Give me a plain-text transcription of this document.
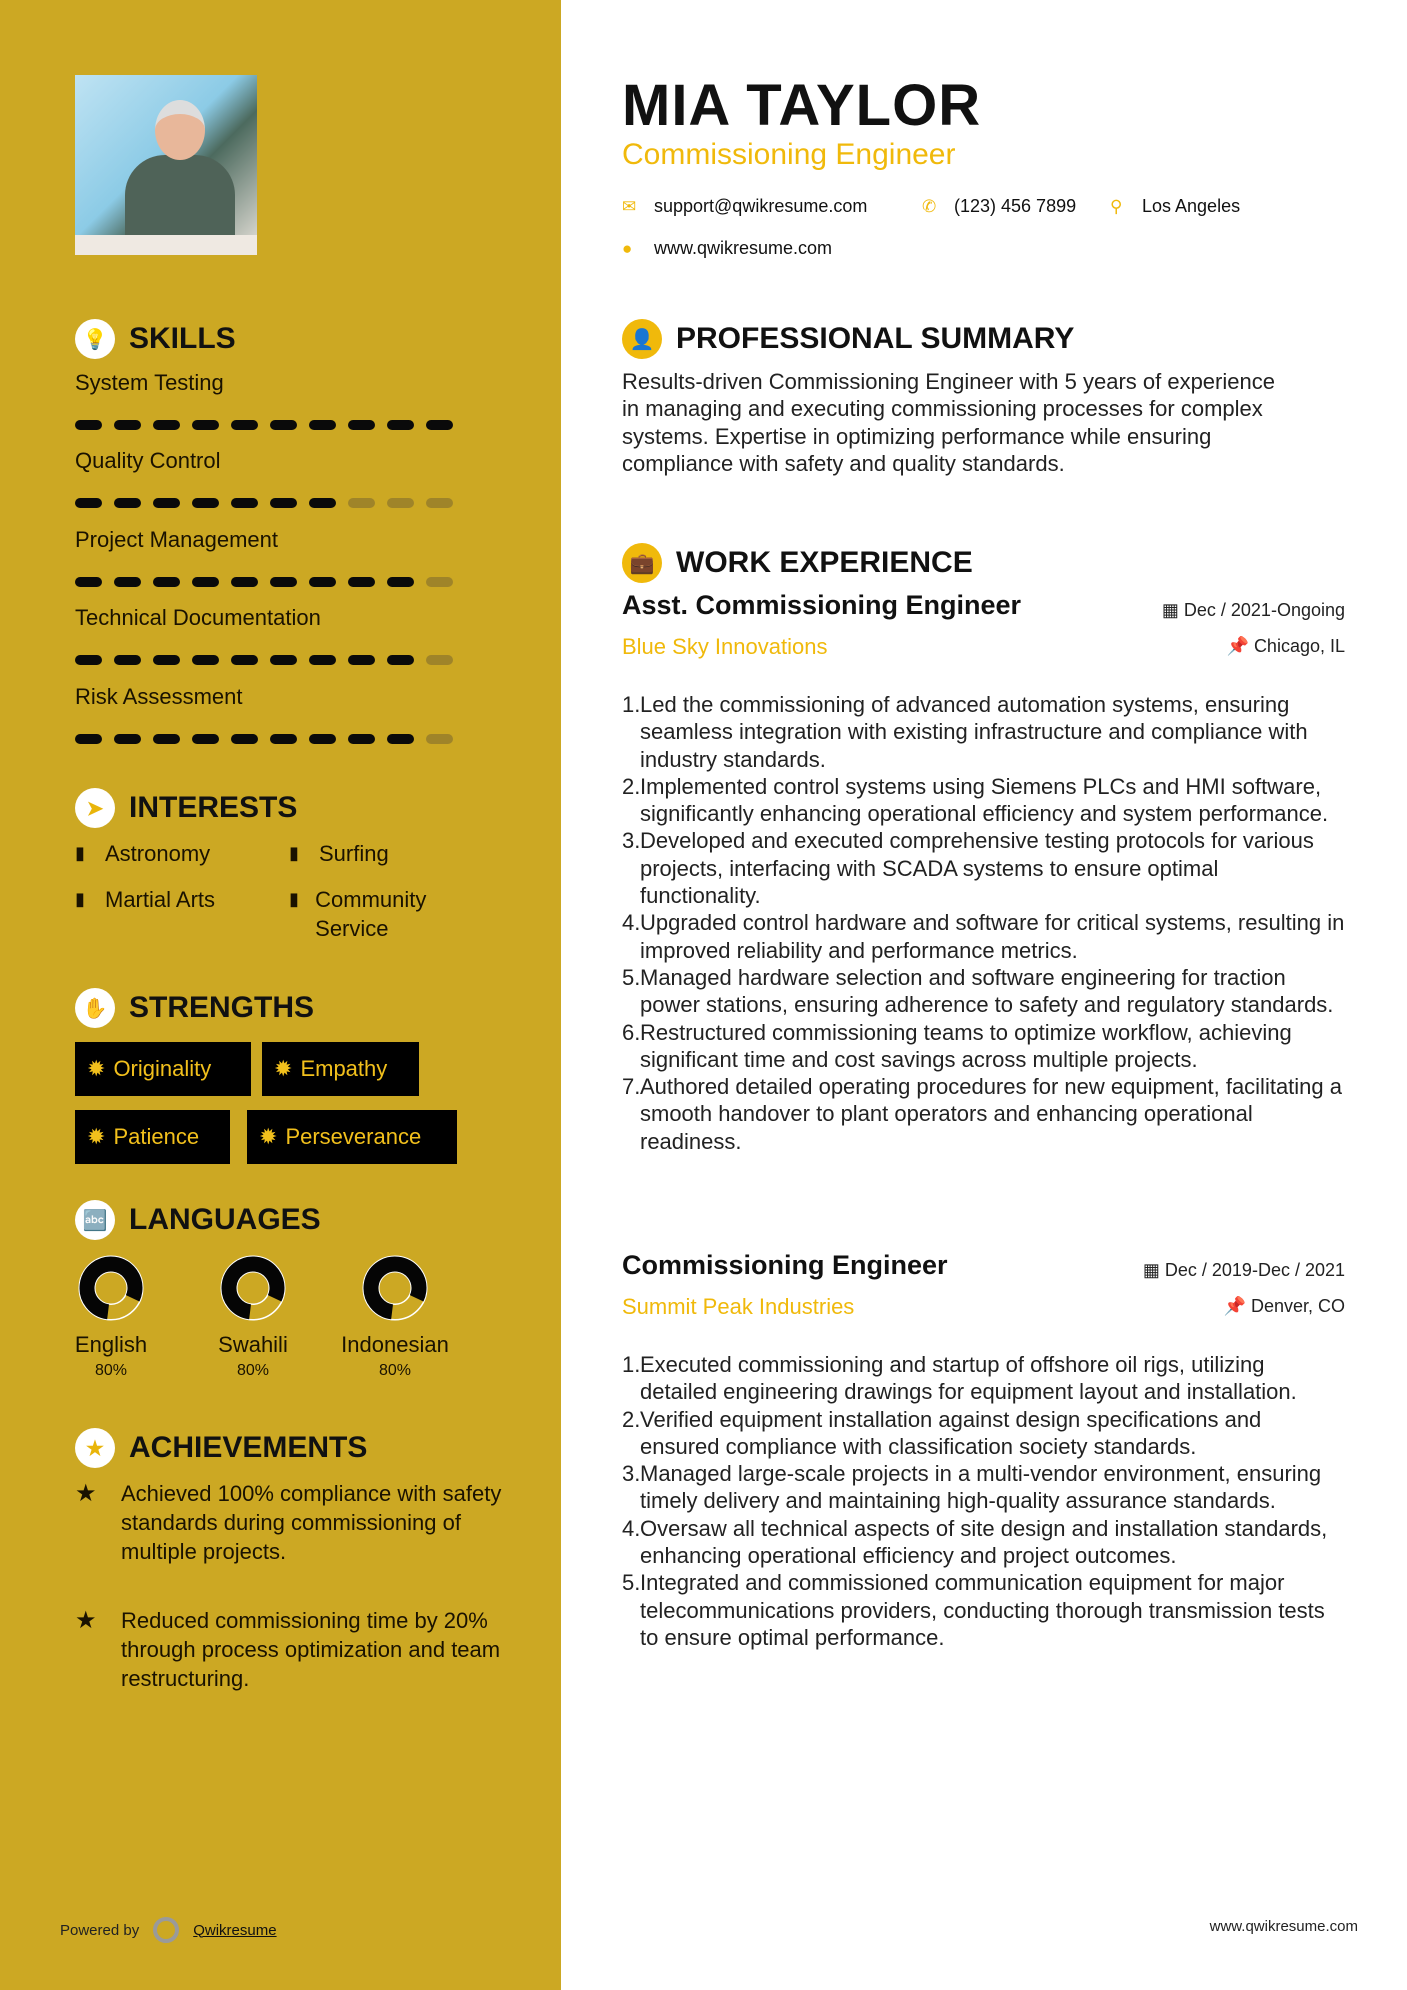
💡 SKILLS
System Testing
Quality Control
Project Management
Technical Documentation
Risk Assessment
➤ INTERESTS
▮ Astronomy	▮ Surfing
▮ Martial Arts	▮ Community Service
✋ STRENGTHS
✹ Originality	✹ Empathy
✹ Patience	✹ Perseverance
🔤 LANGUAGES
English
80%
Swahili
80%
Indonesian
80%
★ ACHIEVEMENTS
★	Achieved 100% compliance with safety standards during commissioning of multiple projects.
★	Reduced commissioning time by 20% through process optimization and team restructuring.
Powered by	Qwikresume
MIA TAYLOR
Commissioning Engineer
✉ support@qwikresume.com	✆ (123) 456 7899 ⚲	Los Angeles
●	www.qwikresume.com
👤 PROFESSIONAL SUMMARY
Results-driven Commissioning Engineer with 5 years of experience in managing and executing commissioning processes for complex systems. Expertise in optimizing performance while ensuring compliance with safety and quality standards.
💼 WORK EXPERIENCE
Asst. Commissioning Engineer	▦ Dec / 2021-Ongoing
Blue Sky Innovations	📌 Chicago, IL
1. Led the commissioning of advanced automation systems, ensuring seamless integration with existing infrastructure and compliance with industry standards.
2. Implemented control systems using Siemens PLCs and HMI software, significantly enhancing operational efficiency and system performance.
3. Developed and executed comprehensive testing protocols for various projects, interfacing with SCADA systems to ensure optimal functionality.
4. Upgraded control hardware and software for critical systems, resulting in improved reliability and performance metrics.
5. Managed hardware selection and software engineering for traction power stations, ensuring adherence to safety and regulatory standards.
6. Restructured commissioning teams to optimize workflow, achieving significant time and cost savings across multiple projects.
7. Authored detailed operating procedures for new equipment, facilitating a smooth handover to plant operators and enhancing operational readiness.
Commissioning Engineer	▦ Dec / 2019-Dec / 2021
Summit Peak Industries	📌 Denver, CO
1. Executed commissioning and startup of offshore oil rigs, utilizing detailed engineering drawings for equipment layout and installation.
2. Verified equipment installation against design specifications and ensured compliance with classification society standards.
3. Managed large-scale projects in a multi-vendor environment, ensuring timely delivery and maintaining high-quality assurance standards.
4. Oversaw all technical aspects of site design and installation standards, enhancing operational efficiency and project outcomes.
5. Integrated and commissioned communication equipment for major telecommunications providers, conducting thorough transmission tests to ensure optimal performance.
www.qwikresume.com
